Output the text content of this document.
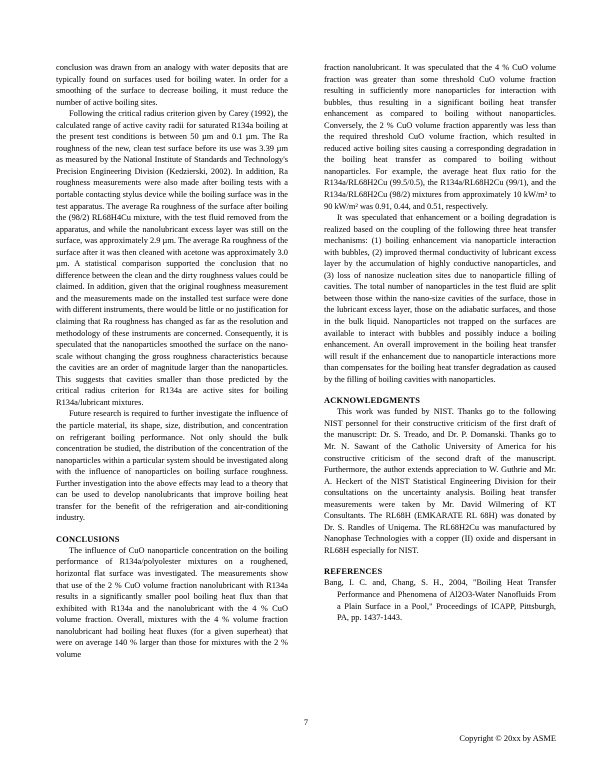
conclusion was drawn from an analogy with water deposits that are typically found on surfaces used for boiling water. In order for a smoothing of the surface to decrease boiling, it must reduce the number of active boiling sites.

Following the critical radius criterion given by Carey (1992), the calculated range of active cavity radii for saturated R134a boiling at the present test conditions is between 50 µm and 0.1 µm. The Ra roughness of the new, clean test surface before its use was 3.39 µm as measured by the National Institute of Standards and Technology's Precision Engineering Division (Kedzierski, 2002). In addition, Ra roughness measurements were also made after boiling tests with a portable contacting stylus device while the boiling surface was in the test apparatus. The average Ra roughness of the surface after boiling the (98/2) RL68H4Cu mixture, with the test fluid removed from the apparatus, and while the nanolubricant excess layer was still on the surface, was approximately 2.9 µm. The average Ra roughness of the surface after it was then cleaned with acetone was approximately 3.0 µm. A statistical comparison supported the conclusion that no difference between the clean and the dirty roughness values could be claimed. In addition, given that the original roughness measurement and the measurements made on the installed test surface were done with different instruments, there would be little or no justification for claiming that Ra roughness has changed as far as the resolution and methodology of these instruments are concerned. Consequently, it is speculated that the nanoparticles smoothed the surface on the nano-scale without changing the gross roughness characteristics because the cavities are an order of magnitude larger than the nanoparticles. This suggests that cavities smaller than those predicted by the critical radius criterion for R134a are active sites for boiling R134a/lubricant mixtures.

Future research is required to further investigate the influence of the particle material, its shape, size, distribution, and concentration on refrigerant boiling performance. Not only should the bulk concentration be studied, the distribution of the concentration of the nanoparticles within a particular system should be investigated along with the influence of nanoparticles on boiling surface roughness. Further investigation into the above effects may lead to a theory that can be used to develop nanolubricants that improve boiling heat transfer for the benefit of the refrigeration and air-conditioning industry.

CONCLUSIONS

The influence of CuO nanoparticle concentration on the boiling performance of R134a/polyolester mixtures on a roughened, horizontal flat surface was investigated. The measurements show that use of the 2 % CuO volume fraction nanolubricant with R134a results in a significantly smaller pool boiling heat flux than that exhibited with R134a and the nanolubricant with the 4 % CuO volume fraction. Overall, mixtures with the 4 % volume fraction nanolubricant had boiling heat fluxes (for a given superheat) that were on average 140 % larger than those for mixtures with the 2 % volume

fraction nanolubricant. It was speculated that the 4 % CuO volume fraction was greater than some threshold CuO volume fraction resulting in sufficiently more nanoparticles for interaction with bubbles, thus resulting in a significant boiling heat transfer enhancement as compared to boiling without nanoparticles. Conversely, the 2 % CuO volume fraction apparently was less than the required threshold CuO volume fraction, which resulted in reduced active boiling sites causing a corresponding degradation in the boiling heat transfer as compared to boiling without nanoparticles. For example, the average heat flux ratio for the R134a/RL68H2Cu (99.5/0.5), the R134a/RL68H2Cu (99/1), and the R134a/RL68H2Cu (98/2) mixtures from approximately 10 kW/m² to 90 kW/m² was 0.91, 0.44, and 0.51, respectively.

It was speculated that enhancement or a boiling degradation is realized based on the coupling of the following three heat transfer mechanisms: (1) boiling enhancement via nanoparticle interaction with bubbles, (2) improved thermal conductivity of lubricant excess layer by the accumulation of highly conductive nanoparticles, and (3) loss of nanosize nucleation sites due to nanoparticle filling of cavities. The total number of nanoparticles in the test fluid are split between those within the nano-size cavities of the surface, those in the lubricant excess layer, those on the adiabatic surfaces, and those in the bulk liquid. Nanoparticles not trapped on the surfaces are available to interact with bubbles and possibly induce a boiling enhancement. An overall improvement in the boiling heat transfer will result if the enhancement due to nanoparticle interactions more than compensates for the boiling heat transfer degradation as caused by the filling of boiling cavities with nanoparticles.

ACKNOWLEDGMENTS

This work was funded by NIST. Thanks go to the following NIST personnel for their constructive criticism of the first draft of the manuscript: Dr. S. Treado, and Dr. P. Domanski. Thanks go to Mr. N. Sawant of the Catholic University of America for his constructive criticism of the second draft of the manuscript. Furthermore, the author extends appreciation to W. Guthrie and Mr. A. Heckert of the NIST Statistical Engineering Division for their consultations on the uncertainty analysis. Boiling heat transfer measurements were taken by Mr. David Wilmering of KT Consultants. The RL68H (EMKARATE RL 68H) was donated by Dr. S. Randles of Uniqema. The RL68H2Cu was manufactured by Nanophase Technologies with a copper (II) oxide and dispersant in RL68H especially for NIST.

REFERENCES

Bang, I. C. and, Chang, S. H., 2004, "Boiling Heat Transfer Performance and Phenomena of Al2O3-Water Nanofluids From a Plain Surface in a Pool," Proceedings of ICAPP, Pittsburgh, PA, pp. 1437-1443.

7
Copyright © 20xx by ASME
